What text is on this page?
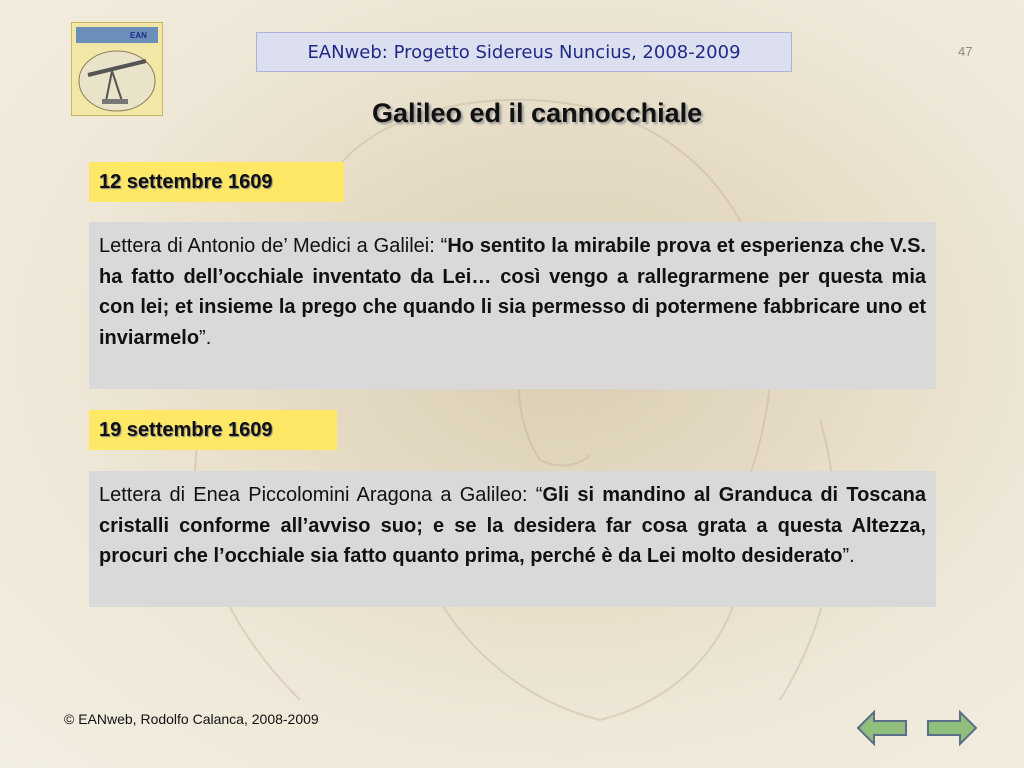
EAN
EANweb: Progetto Sidereus Nuncius, 2008-2009	47
Galileo ed il cannocchiale
12 settembre 1609
Lettera di Antonio de’ Medici a Galilei: “Ho sentito la mirabile prova et esperienza che V.S. ha fatto dell’occhiale inventato da Lei… così vengo a rallegrarmene per questa mia con lei; et insieme la prego che quando li sia permesso di potermene fabbricare uno et inviarmelo”.
19 settembre 1609
Lettera di Enea Piccolomini Aragona a Galileo: “Gli si mandino al Granduca di Toscana cristalli conforme all’avviso suo; e se la desidera far cosa grata a questa Altezza, procuri che l’occhiale sia fatto quanto prima, perché è da Lei molto desiderato”.
© EANweb, Rodolfo Calanca, 2008-2009
